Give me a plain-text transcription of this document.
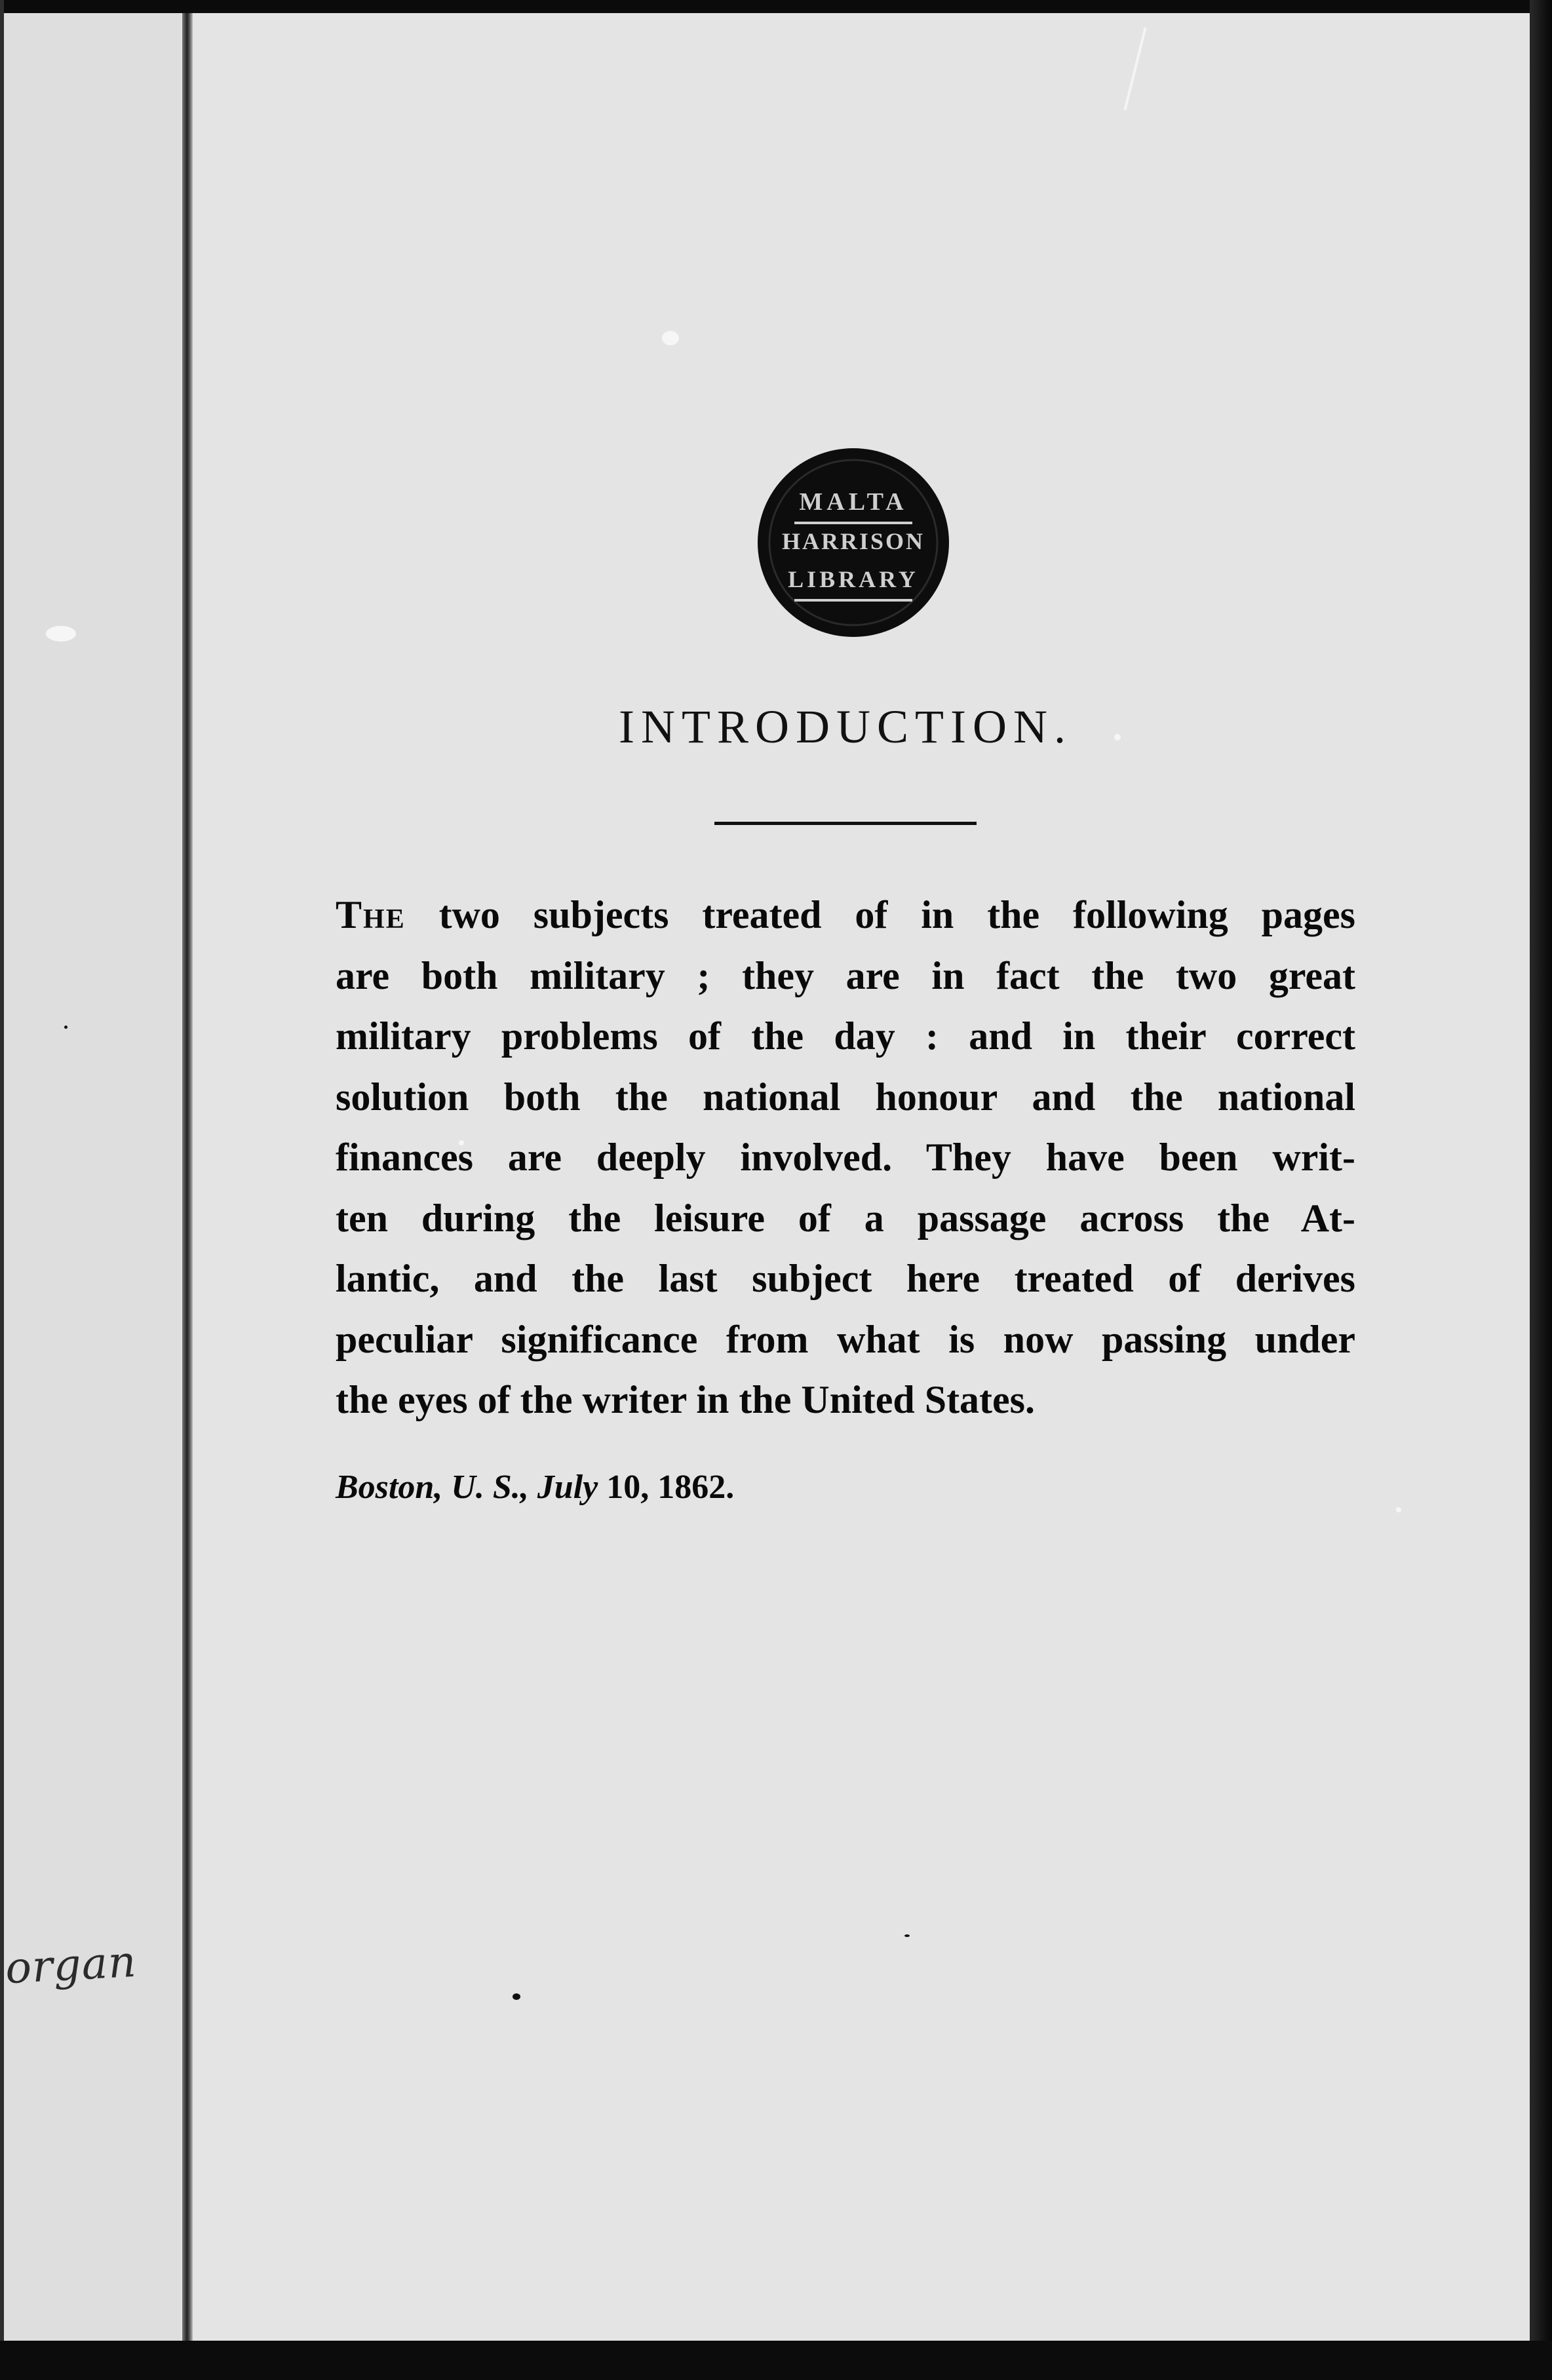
MALTA
HARRISON
LIBRARY
INTRODUCTION.
The two subjects treated of in the following pages
are both military ; they are in fact the two great
military problems of the day : and in their correct
solution both the national honour and the national
finances are deeply involved. They have been writ-
ten during the leisure of a passage across the At-
lantic, and the last subject here treated of derives
peculiar significance from what is now passing under
the eyes of the writer in the United States.
Boston, U. S., July 10, 1862.
organ
